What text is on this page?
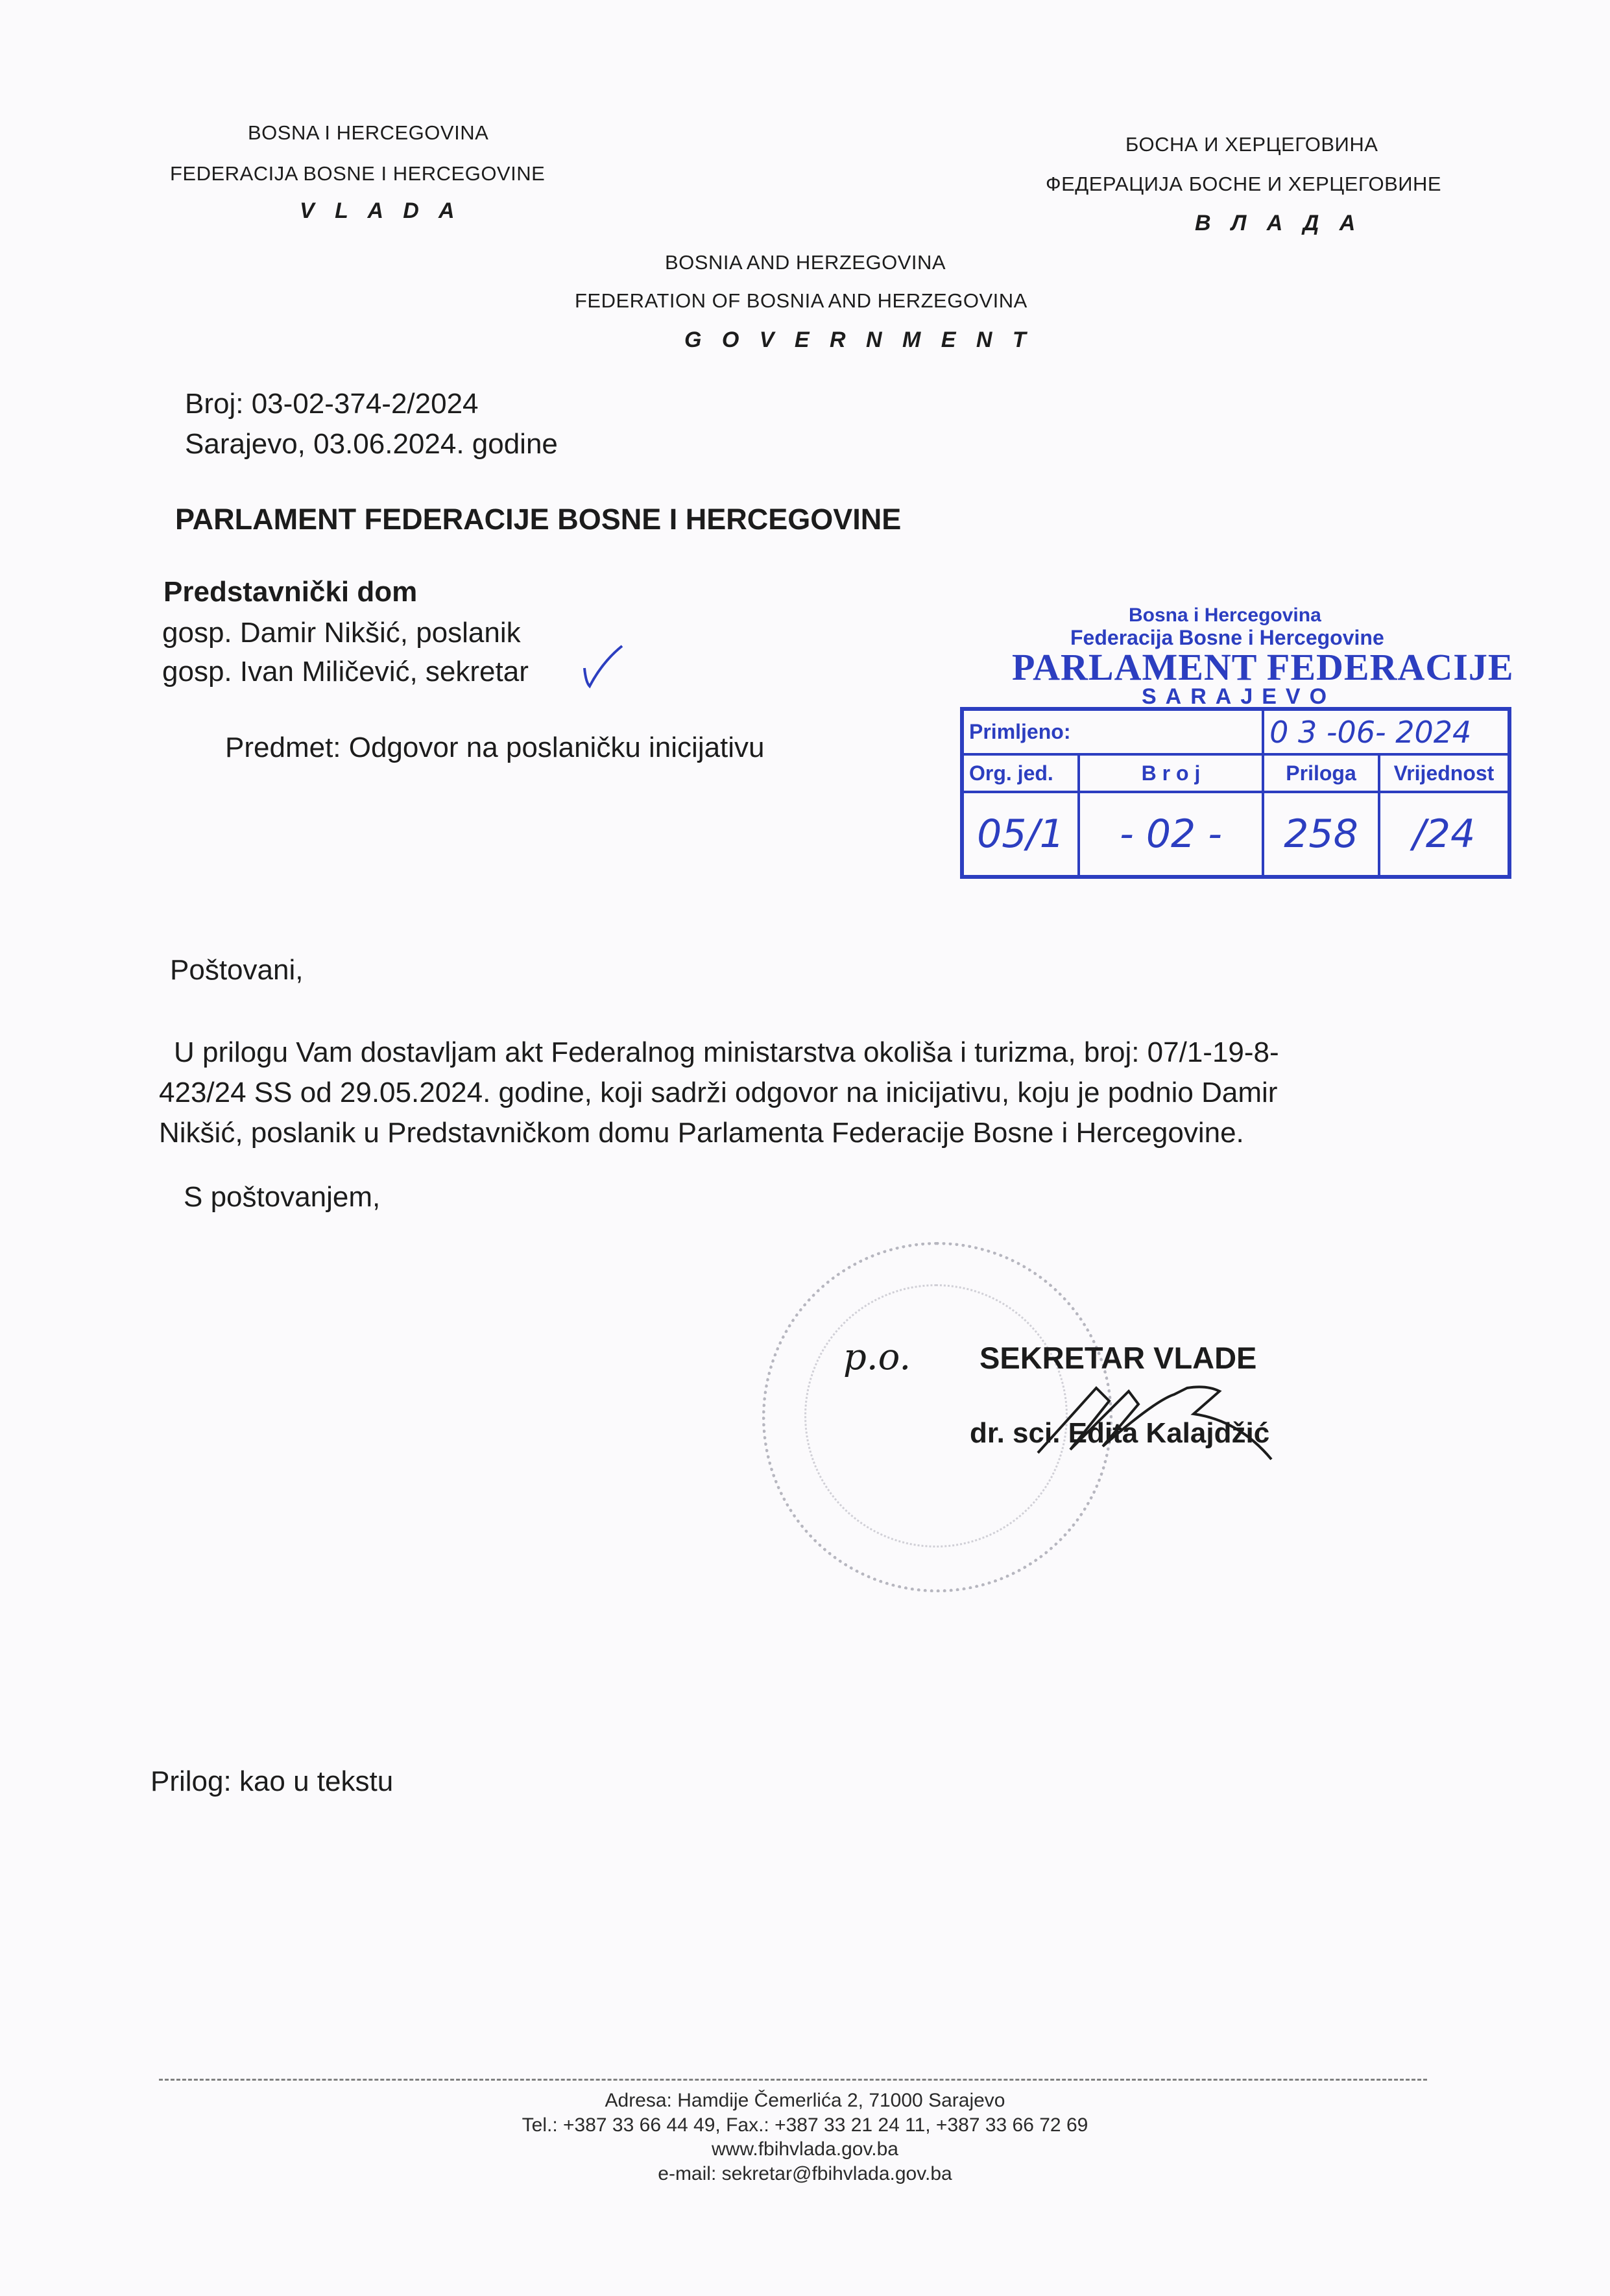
BOSNA I HERCEGOVINA
FEDERACIJA BOSNE I HERCEGOVINE
V L A D A
БОСНА И ХЕРЦЕГОВИНА
ФЕДЕРАЦИЈА БОСНЕ И ХЕРЦЕГОВИНЕ
В Л А Д А
BOSNIA AND HERZEGOVINA
FEDERATION OF BOSNIA AND HERZEGOVINA
G O V E R N M E N T
Broj: 03-02-374-2/2024
Sarajevo, 03.06.2024. godine
PARLAMENT FEDERACIJE BOSNE I HERCEGOVINE
Predstavnički dom
gosp. Damir Nikšić, poslanik
gosp. Ivan Miličević, sekretar
Predmet: Odgovor na poslaničku inicijativu
Bosna i Hercegovina
Federacija Bosne i Hercegovine
PARLAMENT FEDERACIJE
SARAJEVO
Primljeno:		0 3 -06- 2024	
Org. jed.	B r o j	Priloga	Vrijednost
05/1	- 02 -	258	/24
Poštovani,
U prilogu Vam dostavljam akt Federalnog ministarstva okoliša i turizma, broj: 07/1-19-8-
423/24 SS od 29.05.2024. godine, koji sadrži odgovor na inicijativu, koju je podnio Damir
Nikšić, poslanik u Predstavničkom domu Parlamenta Federacije Bosne i Hercegovine.
S poštovanjem,
p.o. SEKRETAR VLADE
dr. sci. Edita Kalajdžić
Prilog: kao u tekstu
Adresa: Hamdije Čemerlića 2, 71000 Sarajevo
Tel.: +387 33 66 44 49, Fax.: +387 33 21 24 11, +387 33 66 72 69
www.fbihvlada.gov.ba
e-mail: sekretar@fbihvlada.gov.ba
